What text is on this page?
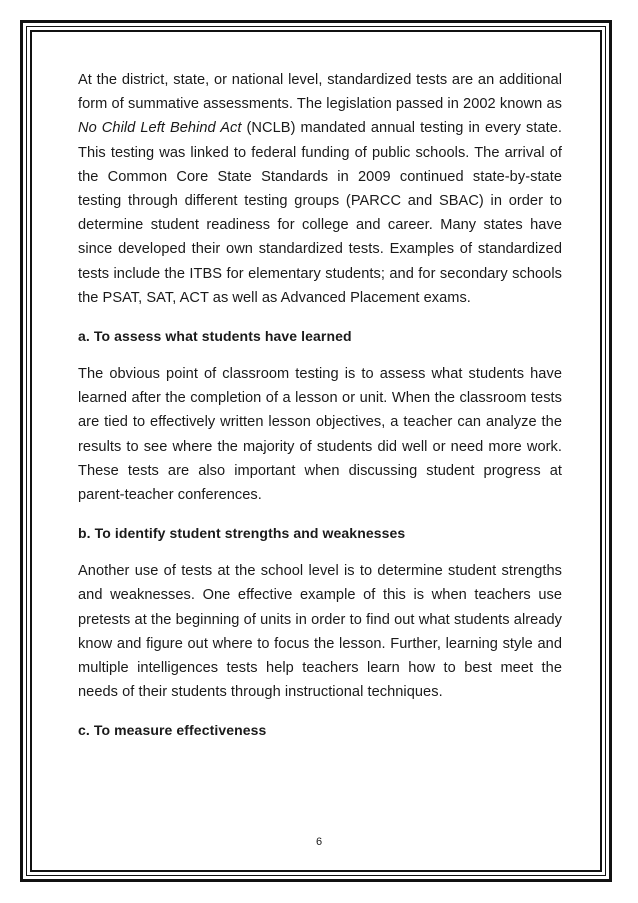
At the district, state, or national level, standardized tests are an additional form of summative assessments. The legislation passed in 2002 known as No Child Left Behind Act (NCLB) mandated annual testing in every state. This testing was linked to federal funding of public schools. The arrival of the Common Core State Standards in 2009 continued state-by-state testing through different testing groups (PARCC and SBAC) in order to determine student readiness for college and career. Many states have since developed their own standardized tests. Examples of standardized tests include the ITBS for elementary students; and for secondary schools the PSAT, SAT, ACT as well as Advanced Placement exams.

a. To assess what students have learned

The obvious point of classroom testing is to assess what students have learned after the completion of a lesson or unit. When the classroom tests are tied to effectively written lesson objectives, a teacher can analyze the results to see where the majority of students did well or need more work. These tests are also important when discussing student progress at parent-teacher conferences.

b. To identify student strengths and weaknesses

Another use of tests at the school level is to determine student strengths and weaknesses. One effective example of this is when teachers use pretests at the beginning of units in order to find out what students already know and figure out where to focus the lesson. Further, learning style and multiple intelligences tests help teachers learn how to best meet the needs of their students through instructional techniques.

c. To measure effectiveness
6
